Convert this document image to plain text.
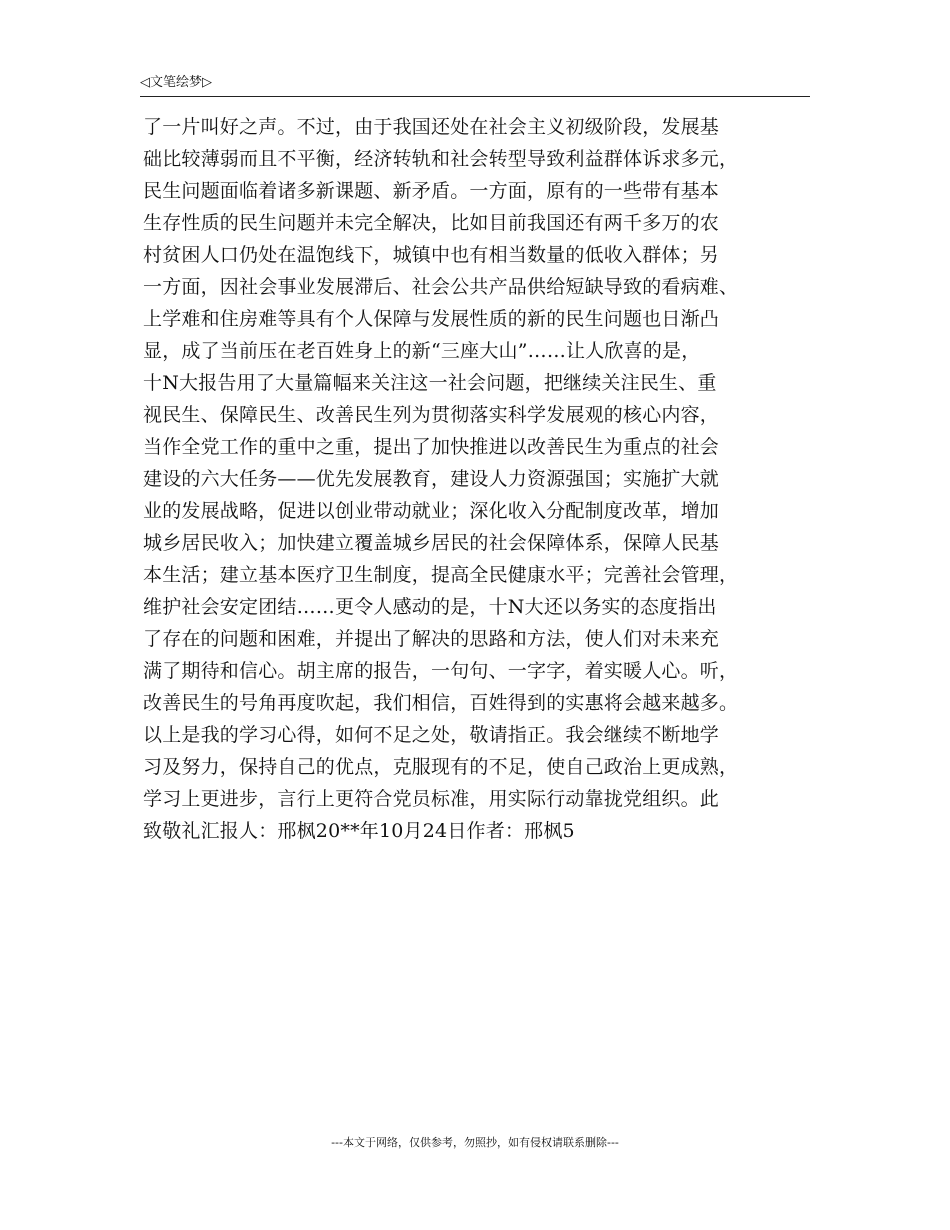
◁文笔绘梦▷
了一片叫好之声。不过，由于我国还处在社会主义初级阶段，发展基
础比较薄弱而且不平衡，经济转轨和社会转型导致利益群体诉求多元，
民生问题面临着诸多新课题、新矛盾。一方面，原有的一些带有基本
生存性质的民生问题并未完全解决，比如目前我国还有两千多万的农
村贫困人口仍处在温饱线下，城镇中也有相当数量的低收入群体；另
一方面，因社会事业发展滞后、社会公共产品供给短缺导致的看病难、
上学难和住房难等具有个人保障与发展性质的新的民生问题也日渐凸
显，成了当前压在老百姓身上的新“三座大山”……让人欣喜的是，
十N大报告用了大量篇幅来关注这一社会问题，把继续关注民生、重
视民生、保障民生、改善民生列为贯彻落实科学发展观的核心内容，
当作全党工作的重中之重，提出了加快推进以改善民生为重点的社会
建设的六大任务——优先发展教育，建设人力资源强国；实施扩大就
业的发展战略，促进以创业带动就业；深化收入分配制度改革，增加
城乡居民收入；加快建立覆盖城乡居民的社会保障体系，保障人民基
本生活；建立基本医疗卫生制度，提高全民健康水平；完善社会管理，
维护社会安定团结……更令人感动的是，十N大还以务实的态度指出
了存在的问题和困难，并提出了解决的思路和方法，使人们对未来充
满了期待和信心。胡主席的报告，一句句、一字字，着实暖人心。听，
改善民生的号角再度吹起，我们相信，百姓得到的实惠将会越来越多。
以上是我的学习心得，如何不足之处，敬请指正。我会继续不断地学
习及努力，保持自己的优点，克服现有的不足，使自己政治上更成熟，
学习上更进步，言行上更符合党员标准，用实际行动靠拢党组织。此
致敬礼汇报人：邢枫20**年10月24日作者：邢枫5
---本文于网络，仅供参考，勿照抄，如有侵权请联系删除---
